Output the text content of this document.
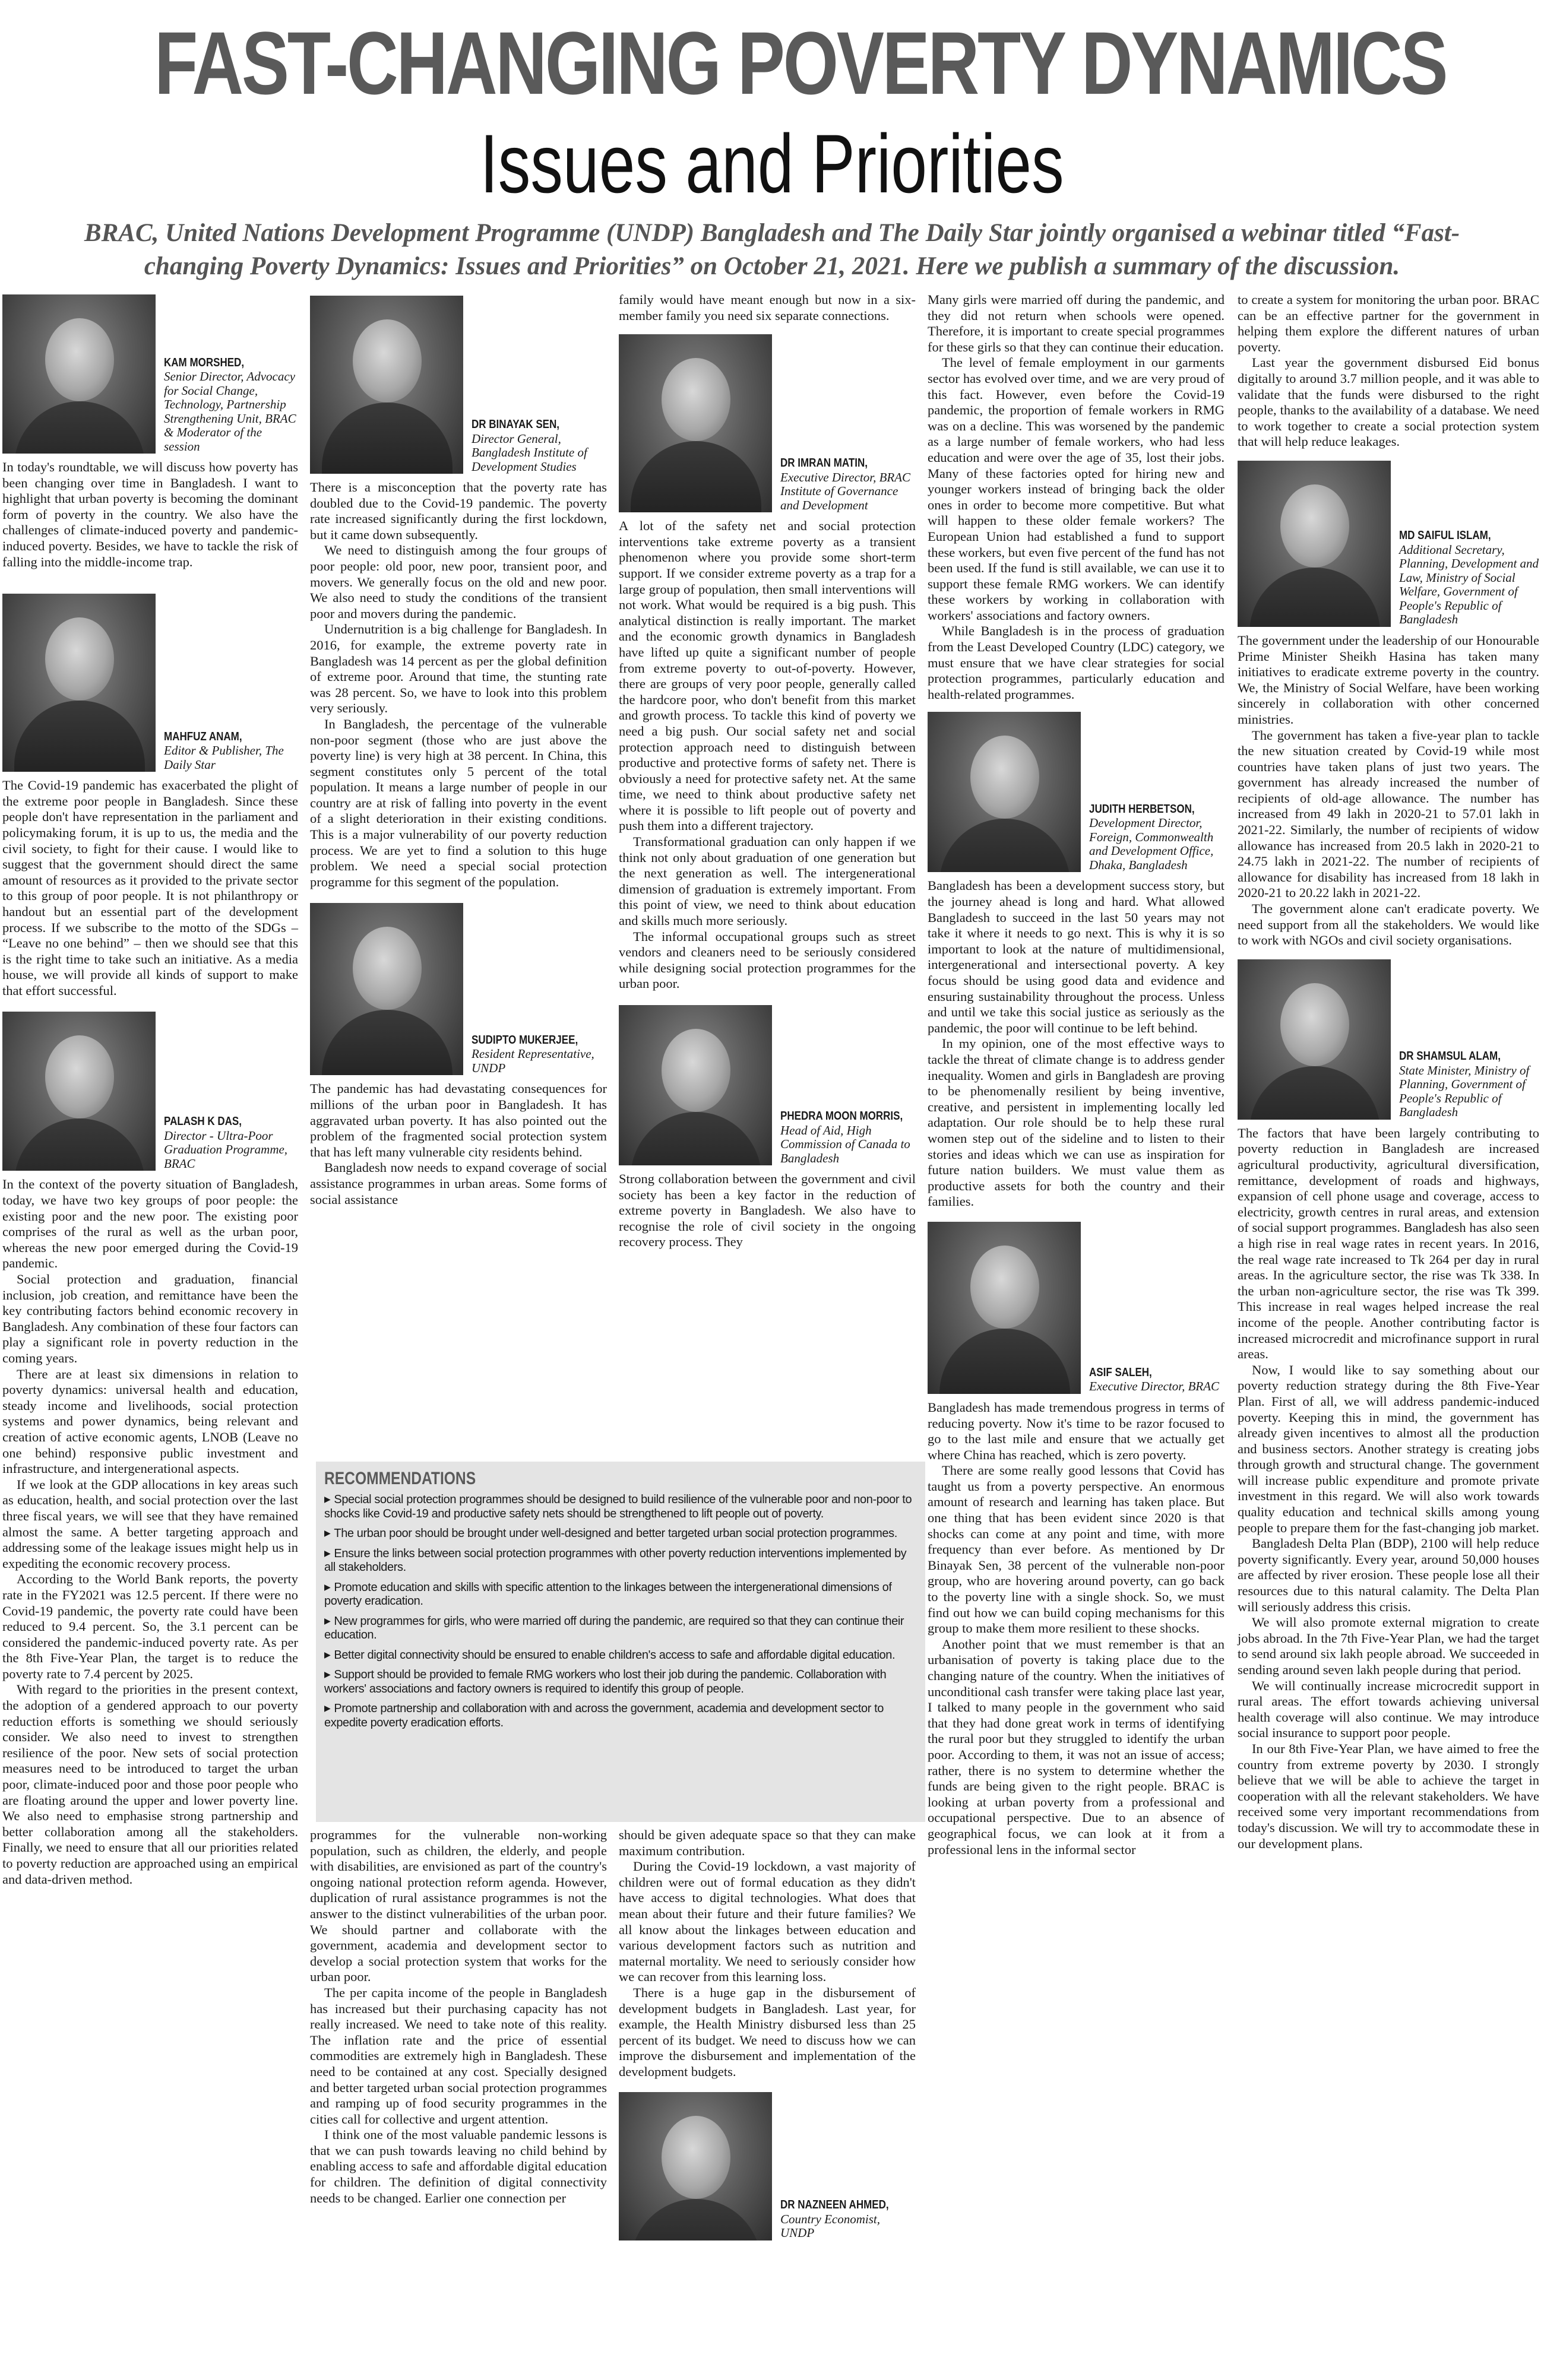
FAST-CHANGING POVERTY DYNAMICS
Issues and Priorities
BRAC, United Nations Development Programme (UNDP) Bangladesh and The Daily Star jointly organised a webinar titled “Fast-changing Poverty Dynamics: Issues and Priorities” on October 21, 2021. Here we publish a summary of the discussion.
KAM MORSHED,
Senior Director, Advocacy for Social Change, Technology, Partnership Strengthening Unit, BRAC & Moderator of the session

In today's roundtable, we will discuss how poverty has been changing over time in Bangladesh. I want to highlight that urban poverty is becoming the dominant form of poverty in the country. We also have the challenges of climate-induced poverty and pandemic-induced poverty. Besides, we have to tackle the risk of falling into the middle-income trap.

MAHFUZ ANAM,
Editor & Publisher, The Daily Star

The Covid-19 pandemic has exacerbated the plight of the extreme poor people in Bangladesh. Since these people don't have representation in the parliament and policymaking forum, it is up to us, the media and the civil society, to fight for their cause. I would like to suggest that the government should direct the same amount of resources as it provided to the private sector to this group of poor people. It is not philanthropy or handout but an essential part of the development process. If we subscribe to the motto of the SDGs – “Leave no one behind” – then we should see that this is the right time to take such an initiative. As a media house, we will provide all kinds of support to make that effort successful.

PALASH K DAS,
Director - Ultra-Poor Graduation Programme, BRAC

In the context of the poverty situation of Bangladesh, today, we have two key groups of poor people: the existing poor and the new poor. The existing poor comprises of the rural as well as the urban poor, whereas the new poor emerged during the Covid-19 pandemic.

Social protection and graduation, financial inclusion, job creation, and remittance have been the key contributing factors behind economic recovery in Bangladesh. Any combination of these four factors can play a significant role in poverty reduction in the coming years.

There are at least six dimensions in relation to poverty dynamics: universal health and education, steady income and livelihoods, social protection systems and power dynamics, being relevant and creation of active economic agents, LNOB (Leave no one behind) responsive public investment and infrastructure, and intergenerational aspects.

If we look at the GDP allocations in key areas such as education, health, and social protection over the last three fiscal years, we will see that they have remained almost the same. A better targeting approach and addressing some of the leakage issues might help us in expediting the economic recovery process.

According to the World Bank reports, the poverty rate in the FY2021 was 12.5 percent. If there were no Covid-19 pandemic, the poverty rate could have been reduced to 9.4 percent. So, the 3.1 percent can be considered the pandemic-induced poverty rate. As per the 8th Five-Year Plan, the target is to reduce the poverty rate to 7.4 percent by 2025.

With regard to the priorities in the present context, the adoption of a gendered approach to our poverty reduction efforts is something we should seriously consider. We also need to invest to strengthen resilience of the poor. New sets of social protection measures need to be introduced to target the urban poor, climate-induced poor and those poor people who are floating around the upper and lower poverty line. We also need to emphasise strong partnership and better collaboration among all the stakeholders. Finally, we need to ensure that all our priorities related to poverty reduction are approached using an empirical and data-driven method.

DR BINAYAK SEN,
Director General, Bangladesh Institute of Development Studies

There is a misconception that the poverty rate has doubled due to the Covid-19 pandemic. The poverty rate increased significantly during the first lockdown, but it came down subsequently.

We need to distinguish among the four groups of poor people: old poor, new poor, transient poor, and movers. We generally focus on the old and new poor. We also need to study the conditions of the transient poor and movers during the pandemic.

Undernutrition is a big challenge for Bangladesh. In 2016, for example, the extreme poverty rate in Bangladesh was 14 percent as per the global definition of extreme poor. Around that time, the stunting rate was 28 percent. So, we have to look into this problem very seriously.

In Bangladesh, the percentage of the vulnerable non-poor segment (those who are just above the poverty line) is very high at 38 percent. In China, this segment constitutes only 5 percent of the total population. It means a large number of people in our country are at risk of falling into poverty in the event of a slight deterioration in their existing conditions. This is a major vulnerability of our poverty reduction process. We are yet to find a solution to this huge problem. We need a special social protection programme for this segment of the population.

SUDIPTO MUKERJEE,
Resident Representative, UNDP

The pandemic has had devastating consequences for millions of the urban poor in Bangladesh. It has aggravated urban poverty. It has also pointed out the problem of the fragmented social protection system that has left many vulnerable city residents behind.

Bangladesh now needs to expand coverage of social assistance programmes in urban areas. Some forms of social assistance

family would have meant enough but now in a six-member family you need six separate connections.

DR IMRAN MATIN,
Executive Director, BRAC Institute of Governance and Development

A lot of the safety net and social protection interventions take extreme poverty as a transient phenomenon where you provide some short-term support. If we consider extreme poverty as a trap for a large group of population, then small interventions will not work. What would be required is a big push. This analytical distinction is really important. The market and the economic growth dynamics in Bangladesh have lifted up quite a significant number of people from extreme poverty to out-of-poverty. However, there are groups of very poor people, generally called the hardcore poor, who don't benefit from this market and growth process. To tackle this kind of poverty we need a big push. Our social safety net and social protection approach need to distinguish between productive and protective forms of safety net. There is obviously a need for protective safety net. At the same time, we need to think about productive safety net where it is possible to lift people out of poverty and push them into a different trajectory.

Transformational graduation can only happen if we think not only about graduation of one generation but the next generation as well. The intergenerational dimension of graduation is extremely important. From this point of view, we need to think about education and skills much more seriously.

The informal occupational groups such as street vendors and cleaners need to be seriously considered while designing social protection programmes for the urban poor.

PHEDRA MOON MORRIS,
Head of Aid, High Commission of Canada to Bangladesh

Strong collaboration between the government and civil society has been a key factor in the reduction of extreme poverty in Bangladesh. We also have to recognise the role of civil society in the ongoing recovery process. They

Many girls were married off during the pandemic, and they did not return when schools were opened. Therefore, it is important to create special programmes for these girls so that they can continue their education.

The level of female employment in our garments sector has evolved over time, and we are very proud of this fact. However, even before the Covid-19 pandemic, the proportion of female workers in RMG was on a decline. This was worsened by the pandemic as a large number of female workers, who had less education and were over the age of 35, lost their jobs. Many of these factories opted for hiring new and younger workers instead of bringing back the older ones in order to become more competitive. But what will happen to these older female workers? The European Union had established a fund to support these workers, but even five percent of the fund has not been used. If the fund is still available, we can use it to support these female RMG workers. We can identify these workers by working in collaboration with workers' associations and factory owners.

While Bangladesh is in the process of graduation from the Least Developed Country (LDC) category, we must ensure that we have clear strategies for social protection programmes, particularly education and health-related programmes.

JUDITH HERBETSON,
Development Director, Foreign, Commonwealth and Development Office, Dhaka, Bangladesh

Bangladesh has been a development success story, but the journey ahead is long and hard. What allowed Bangladesh to succeed in the last 50 years may not take it where it needs to go next. This is why it is so important to look at the nature of multidimensional, intergenerational and intersectional poverty. A key focus should be using good data and evidence and ensuring sustainability throughout the process. Unless and until we take this social justice as seriously as the pandemic, the poor will continue to be left behind.

In my opinion, one of the most effective ways to tackle the threat of climate change is to address gender inequality. Women and girls in Bangladesh are proving to be phenomenally resilient by being inventive, creative, and persistent in implementing locally led adaptation. Our role should be to help these rural women step out of the sideline and to listen to their stories and ideas which we can use as inspiration for future nation builders. We must value them as productive assets for both the country and their families.

ASIF SALEH,
Executive Director, BRAC

Bangladesh has made tremendous progress in terms of reducing poverty. Now it's time to be razor focused to go to the last mile and ensure that we actually get where China has reached, which is zero poverty.

There are some really good lessons that Covid has taught us from a poverty perspective. An enormous amount of research and learning has taken place. But one thing that has been evident since 2020 is that shocks can come at any point and time, with more frequency than ever before. As mentioned by Dr Binayak Sen, 38 percent of the vulnerable non-poor group, who are hovering around poverty, can go back to the poverty line with a single shock. So, we must find out how we can build coping mechanisms for this group to make them more resilient to these shocks.

Another point that we must remember is that an urbanisation of poverty is taking place due to the changing nature of the country. When the initiatives of unconditional cash transfer were taking place last year, I talked to many people in the government who said that they had done great work in terms of identifying the rural poor but they struggled to identify the urban poor. According to them, it was not an issue of access; rather, there is no system to determine whether the funds are being given to the right people. BRAC is looking at urban poverty from a professional and occupational perspective. Due to an absence of geographical focus, we can look at it from a professional lens in the informal sector

to create a system for monitoring the urban poor. BRAC can be an effective partner for the government in helping them explore the different natures of urban poverty.

Last year the government disbursed Eid bonus digitally to around 3.7 million people, and it was able to validate that the funds were disbursed to the right people, thanks to the availability of a database. We need to work together to create a social protection system that will help reduce leakages.

MD SAIFUL ISLAM,
Additional Secretary, Planning, Development and Law, Ministry of Social Welfare, Government of People's Republic of Bangladesh

The government under the leadership of our Honourable Prime Minister Sheikh Hasina has taken many initiatives to eradicate extreme poverty in the country. We, the Ministry of Social Welfare, have been working sincerely in collaboration with other concerned ministries.

The government has taken a five-year plan to tackle the new situation created by Covid-19 while most countries have taken plans of just two years. The government has already increased the number of recipients of old-age allowance. The number has increased from 49 lakh in 2020-21 to 57.01 lakh in 2021-22. Similarly, the number of recipients of widow allowance has increased from 20.5 lakh in 2020-21 to 24.75 lakh in 2021-22. The number of recipients of allowance for disability has increased from 18 lakh in 2020-21 to 20.22 lakh in 2021-22.

The government alone can't eradicate poverty. We need support from all the stakeholders. We would like to work with NGOs and civil society organisations.

DR SHAMSUL ALAM,
State Minister, Ministry of Planning, Government of People's Republic of Bangladesh

The factors that have been largely contributing to poverty reduction in Bangladesh are increased agricultural productivity, agricultural diversification, remittance, development of roads and highways, expansion of cell phone usage and coverage, access to electricity, growth centres in rural areas, and extension of social support programmes. Bangladesh has also seen a high rise in real wage rates in recent years. In 2016, the real wage rate increased to Tk 264 per day in rural areas. In the agriculture sector, the rise was Tk 338. In the urban non-agriculture sector, the rise was Tk 399. This increase in real wages helped increase the real income of the people. Another contributing factor is increased microcredit and microfinance support in rural areas.

Now, I would like to say something about our poverty reduction strategy during the 8th Five-Year Plan. First of all, we will address pandemic-induced poverty. Keeping this in mind, the government has already given incentives to almost all the production and business sectors. Another strategy is creating jobs through growth and structural change. The government will increase public expenditure and promote private investment in this regard. We will also work towards quality education and technical skills among young people to prepare them for the fast-changing job market.

Bangladesh Delta Plan (BDP), 2100 will help reduce poverty significantly. Every year, around 50,000 houses are affected by river erosion. These people lose all their resources due to this natural calamity. The Delta Plan will seriously address this crisis.

We will also promote external migration to create jobs abroad. In the 7th Five-Year Plan, we had the target to send around six lakh people abroad. We succeeded in sending around seven lakh people during that period.

We will continually increase microcredit support in rural areas. The effort towards achieving universal health coverage will also continue. We may introduce social insurance to support poor people.

In our 8th Five-Year Plan, we have aimed to free the country from extreme poverty by 2030. I strongly believe that we will be able to achieve the target in cooperation with all the relevant stakeholders. We have received some very important recommendations from today's discussion. We will try to accommodate these in our development plans.

RECOMMENDATIONS
▶ Special social protection programmes should be designed to build resilience of the vulnerable poor and non-poor to shocks like Covid-19 and productive safety nets should be strengthened to lift people out of poverty.
▶ The urban poor should be brought under well-designed and better targeted urban social protection programmes.
▶ Ensure the links between social protection programmes with other poverty reduction interventions implemented by all stakeholders.
▶ Promote education and skills with specific attention to the linkages between the intergenerational dimensions of poverty eradication.
▶ New programmes for girls, who were married off during the pandemic, are required so that they can continue their education.
▶ Better digital connectivity should be ensured to enable children's access to safe and affordable digital education.
▶ Support should be provided to female RMG workers who lost their job during the pandemic. Collaboration with workers' associations and factory owners is required to identify this group of people.
▶ Promote partnership and collaboration with and across the government, academia and development sector to expedite poverty eradication efforts.

programmes for the vulnerable non-working population, such as children, the elderly, and people with disabilities, are envisioned as part of the country's ongoing national protection reform agenda. However, duplication of rural assistance programmes is not the answer to the distinct vulnerabilities of the urban poor. We should partner and collaborate with the government, academia and development sector to develop a social protection system that works for the urban poor.

The per capita income of the people in Bangladesh has increased but their purchasing capacity has not really increased. We need to take note of this reality. The inflation rate and the price of essential commodities are extremely high in Bangladesh. These need to be contained at any cost. Specially designed and better targeted urban social protection programmes and ramping up of food security programmes in the cities call for collective and urgent attention.

I think one of the most valuable pandemic lessons is that we can push towards leaving no child behind by enabling access to safe and affordable digital education for children. The definition of digital connectivity needs to be changed. Earlier one connection per

should be given adequate space so that they can make maximum contribution.

During the Covid-19 lockdown, a vast majority of children were out of formal education as they didn't have access to digital technologies. What does that mean about their future and their future families? We all know about the linkages between education and various development factors such as nutrition and maternal mortality. We need to seriously consider how we can recover from this learning loss.

There is a huge gap in the disbursement of development budgets in Bangladesh. Last year, for example, the Health Ministry disbursed less than 25 percent of its budget. We need to discuss how we can improve the disbursement and implementation of the development budgets.

DR NAZNEEN AHMED,
Country Economist, UNDP
